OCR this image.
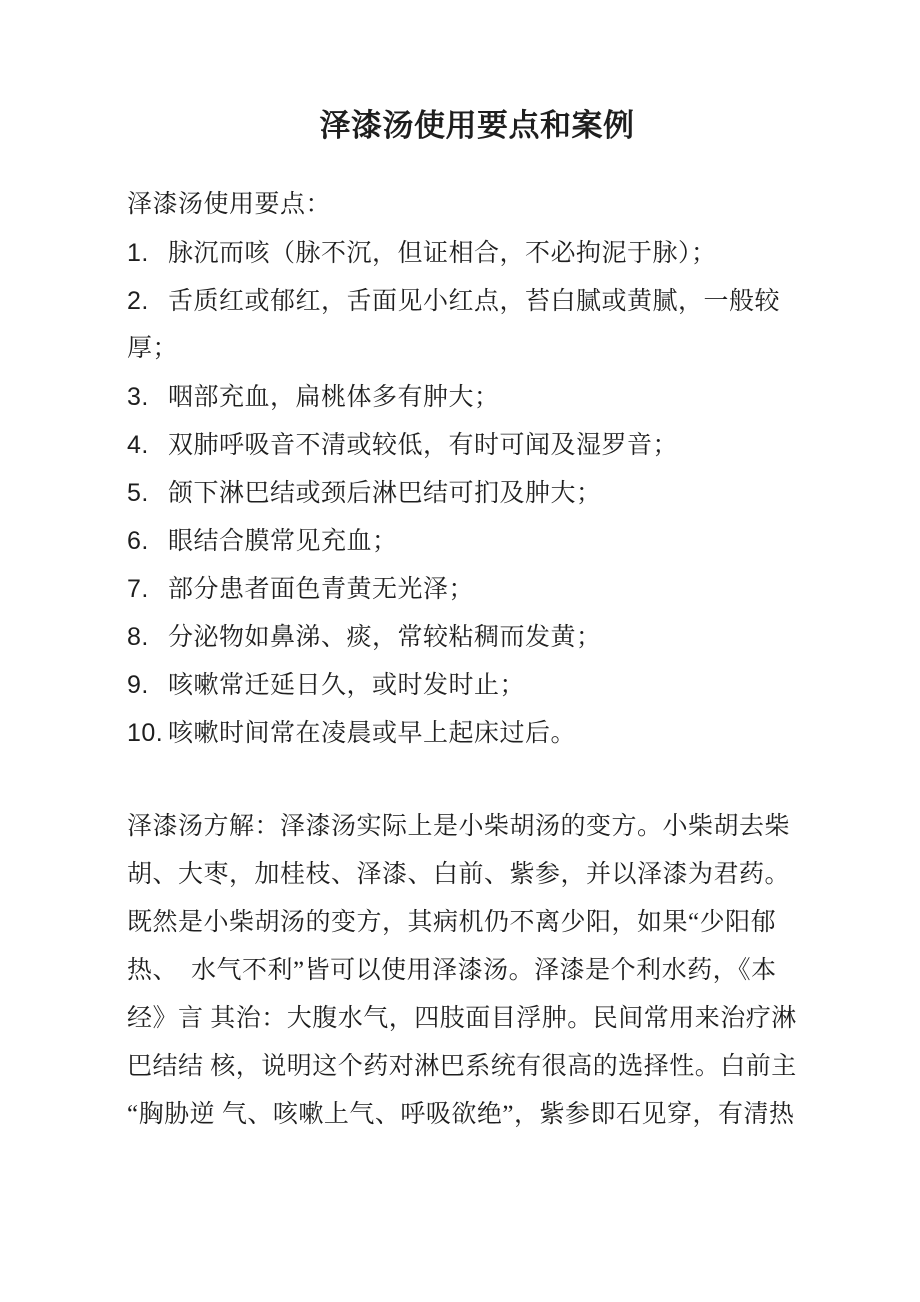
泽漆汤使用要点和案例
泽漆汤使用要点：
1. 脉沉而咳（脉不沉，但证相合，不必拘泥于脉）；
2. 舌质红或郁红，舌面见小红点，苔白腻或黄腻，一般较
厚；
3. 咽部充血，扁桃体多有肿大；
4. 双肺呼吸音不清或较低，有时可闻及湿罗音；
5. 颌下淋巴结或颈后淋巴结可扪及肿大；
6. 眼结合膜常见充血；
7. 部分患者面色青黄无光泽；
8. 分泌物如鼻涕、痰，常较粘稠而发黄；
9. 咳嗽常迁延日久，或时发时止；
10. 咳嗽时间常在凌晨或早上起床过后。
泽漆汤方解：泽漆汤实际上是小柴胡汤的变方。小柴胡去柴
胡、大枣，加桂枝、泽漆、白前、紫参，并以泽漆为君药。
既然是小柴胡汤的变方，其病机仍不离少阳，如果“少阳郁
热、　水气不利”皆可以使用泽漆汤。泽漆是个利水药，《本
经》言 其治：大腹水气，四肢面目浮肿。民间常用来治疗淋
巴结结 核，说明这个药对淋巴系统有很高的选择性。白前主
“胸胁逆 气、咳嗽上气、呼吸欲绝”，紫参即石见穿，有清热
